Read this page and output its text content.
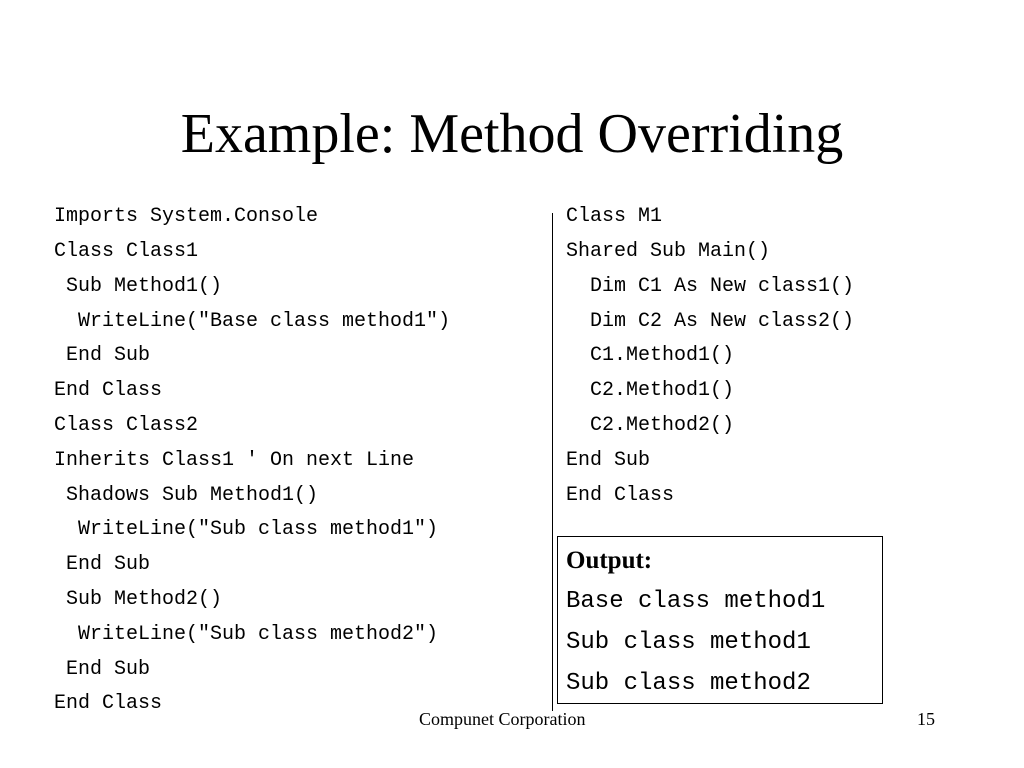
Example: Method Overriding
Imports System.Console
Class Class1
Sub Method1()
WriteLine("Base class method1")
End Sub
End Class
Class Class2
Inherits Class1 ' On next Line
Shadows Sub Method1()
WriteLine("Sub class method1")
End Sub
Sub Method2()
WriteLine("Sub class method2")
End Sub
End Class
Class M1
Shared Sub Main()
Dim C1 As New class1()
Dim C2 As New class2()
C1.Method1()
C2.Method1()
C2.Method2()
End Sub
End Class
Output:
Base class method1
Sub class method1
Sub class method2
Compunet Corporation	15
